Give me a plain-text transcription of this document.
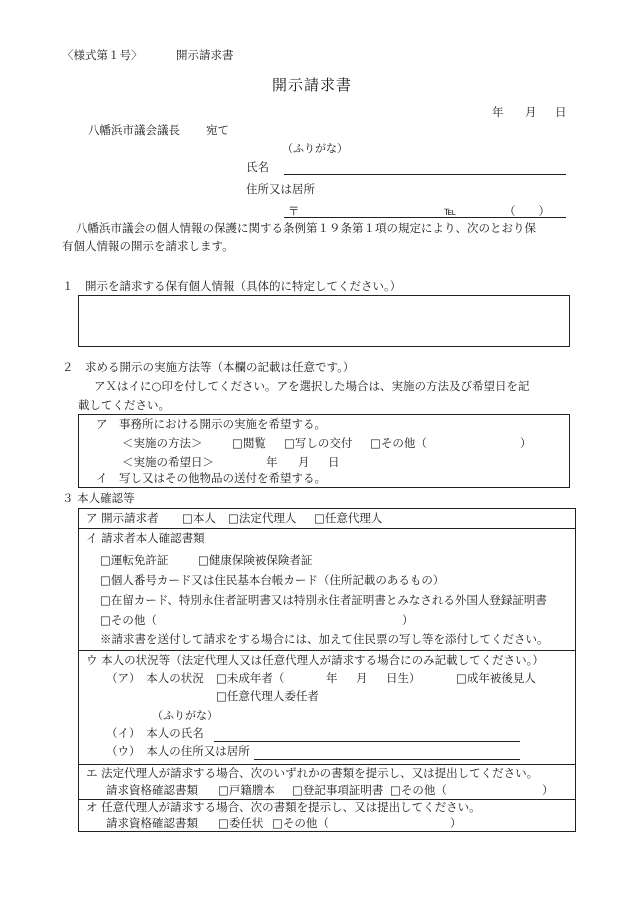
〈様式第１号〉	開示請求書
開示請求書
年 月 日
八幡浜市議会議長 宛て
（ふりがな）
氏名
住所又は居所
〒	℡	（　　）
八幡浜市議会の個人情報の保護に関する条例第１９条第１項の規定により、次のとおり保
有個人情報の開示を請求します。
１　開示を請求する保有個人情報（具体的に特定してください。）
２　求める開示の実施方法等（本欄の記載は任意です。）
アＸはイに○印を付してください。アを選択した場合は、実施の方法及び希望日を記
載してください。
ア　事務所における開示の実施を希望する。
＜実施の方法＞	□閲覧 □写しの交付 □その他（	）
＜実施の希望日＞	年 月 日
イ　写し又はその他物品の送付を希望する。
３ 本人確認等
ア 開示請求者 □本人 □法定代理人 □任意代理人
イ 請求者本人確認書類
□運転免許証	□健康保険被保険者証
□個人番号カード又は住民基本台帳カード（住所記載のあるもの）
□在留カード、特別永住者証明書又は特別永住者証明書とみなされる外国人登録証明書
□その他（	）
※請求書を送付して請求をする場合には、加えて住民票の写し等を添付してください。
ウ 本人の状況等（法定代理人又は任意代理人が請求する場合にのみ記載してください。）
（ア）　本人の状況 □未成年者（	年 月 日生）	□成年被後見人
□任意代理人委任者
（ふりがな）
（イ）　本人の氏名
（ウ）　本人の住所又は居所
エ 法定代理人が請求する場合、次のいずれかの書類を提示し、又は提出してください。
請求資格確認書類 □戸籍謄本 □登記事項証明書 □その他（	）
オ 任意代理人が請求する場合、次の書類を提示し、又は提出してください。
請求資格確認書類 □委任状 □その他（	）
